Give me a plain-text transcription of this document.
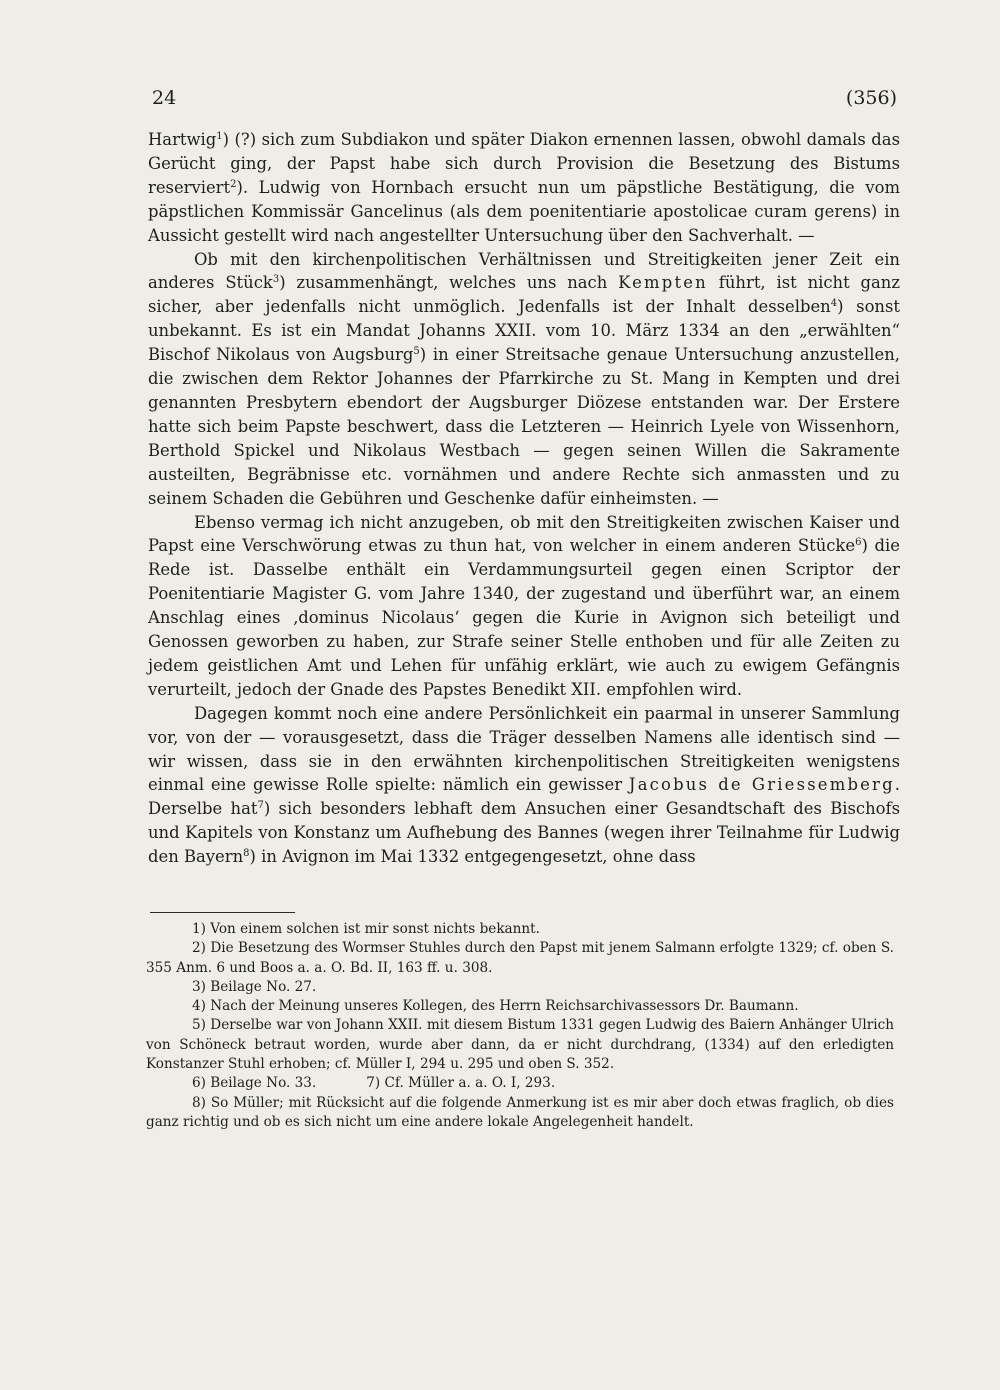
24	(356)

Hartwig$^1$) (?) sich zum Subdiakon und später Diakon ernennen lassen, obwohl damals das Gerücht ging, der Papst habe sich durch Provision die Besetzung des Bistums reserviert$^2$). Ludwig von Hornbach ersucht nun um päpstliche Bestätigung, die vom päpstlichen Kommissär Gancelinus (als dem poenitentiarie apostolicae curam gerens) in Aussicht gestellt wird nach angestellter Untersuchung über den Sachverhalt. —

Ob mit den kirchenpolitischen Verhältnissen und Streitigkeiten jener Zeit ein anderes Stück$^3$) zusammenhängt, welches uns nach Kempten führt, ist nicht ganz sicher, aber jedenfalls nicht unmöglich. Jedenfalls ist der Inhalt desselben$^4$) sonst unbekannt. Es ist ein Mandat Johanns XXII. vom 10. März 1334 an den „erwählten“ Bischof Nikolaus von Augsburg$^5$) in einer Streitsache genaue Untersuchung anzustellen, die zwischen dem Rektor Johannes der Pfarrkirche zu St. Mang in Kempten und drei genannten Presbytern ebendort der Augsburger Diözese entstanden war. Der Erstere hatte sich beim Papste beschwert, dass die Letzteren — Heinrich Lyele von Wissenhorn, Berthold Spickel und Nikolaus Westbach — gegen seinen Willen die Sakramente austeilten, Begräbnisse etc. vornähmen und andere Rechte sich anmassten und zu seinem Schaden die Gebühren und Geschenke dafür einheimsten. —

Ebenso vermag ich nicht anzugeben, ob mit den Streitigkeiten zwischen Kaiser und Papst eine Verschwörung etwas zu thun hat, von welcher in einem anderen Stücke$^6$) die Rede ist. Dasselbe enthält ein Verdammungsurteil gegen einen Scriptor der Poenitentiarie Magister G. vom Jahre 1340, der zugestand und überführt war, an einem Anschlag eines ‚dominus Nicolaus‘ gegen die Kurie in Avignon sich beteiligt und Genossen geworben zu haben, zur Strafe seiner Stelle enthoben und für alle Zeiten zu jedem geistlichen Amt und Lehen für unfähig erklärt, wie auch zu ewigem Gefängnis verurteilt, jedoch der Gnade des Papstes Benedikt XII. empfohlen wird.

Dagegen kommt noch eine andere Persönlichkeit ein paarmal in unserer Sammlung vor, von der — vorausgesetzt, dass die Träger desselben Namens alle identisch sind — wir wissen, dass sie in den erwähnten kirchenpolitischen Streitigkeiten wenigstens einmal eine gewisse Rolle spielte: nämlich ein gewisser Jacobus de Griessemberg. Derselbe hat$^7$) sich besonders lebhaft dem Ansuchen einer Gesandtschaft des Bischofs und Kapitels von Konstanz um Aufhebung des Bannes (wegen ihrer Teilnahme für Ludwig den Bayern$^8$) in Avignon im Mai 1332 entgegengesetzt, ohne dass

1) Von einem solchen ist mir sonst nichts bekannt.

2) Die Besetzung des Wormser Stuhles durch den Papst mit jenem Salmann erfolgte 1329; cf. oben S. 355 Anm. 6 und Boos a. a. O. Bd. II, 163 ff. u. 308.

3) Beilage No. 27.

4) Nach der Meinung unseres Kollegen, des Herrn Reichsarchivassessors Dr. Baumann.

5) Derselbe war von Johann XXII. mit diesem Bistum 1331 gegen Ludwig des Baiern Anhänger Ulrich von Schöneck betraut worden, wurde aber dann, da er nicht durchdrang, (1334) auf den erledigten Konstanzer Stuhl erhoben; cf. Müller I, 294 u. 295 und oben S. 352.

6) Beilage No. 33.	7) Cf. Müller a. a. O. I, 293.

8) So Müller; mit Rücksicht auf die folgende Anmerkung ist es mir aber doch etwas fraglich, ob dies ganz richtig und ob es sich nicht um eine andere lokale Angelegenheit handelt.
